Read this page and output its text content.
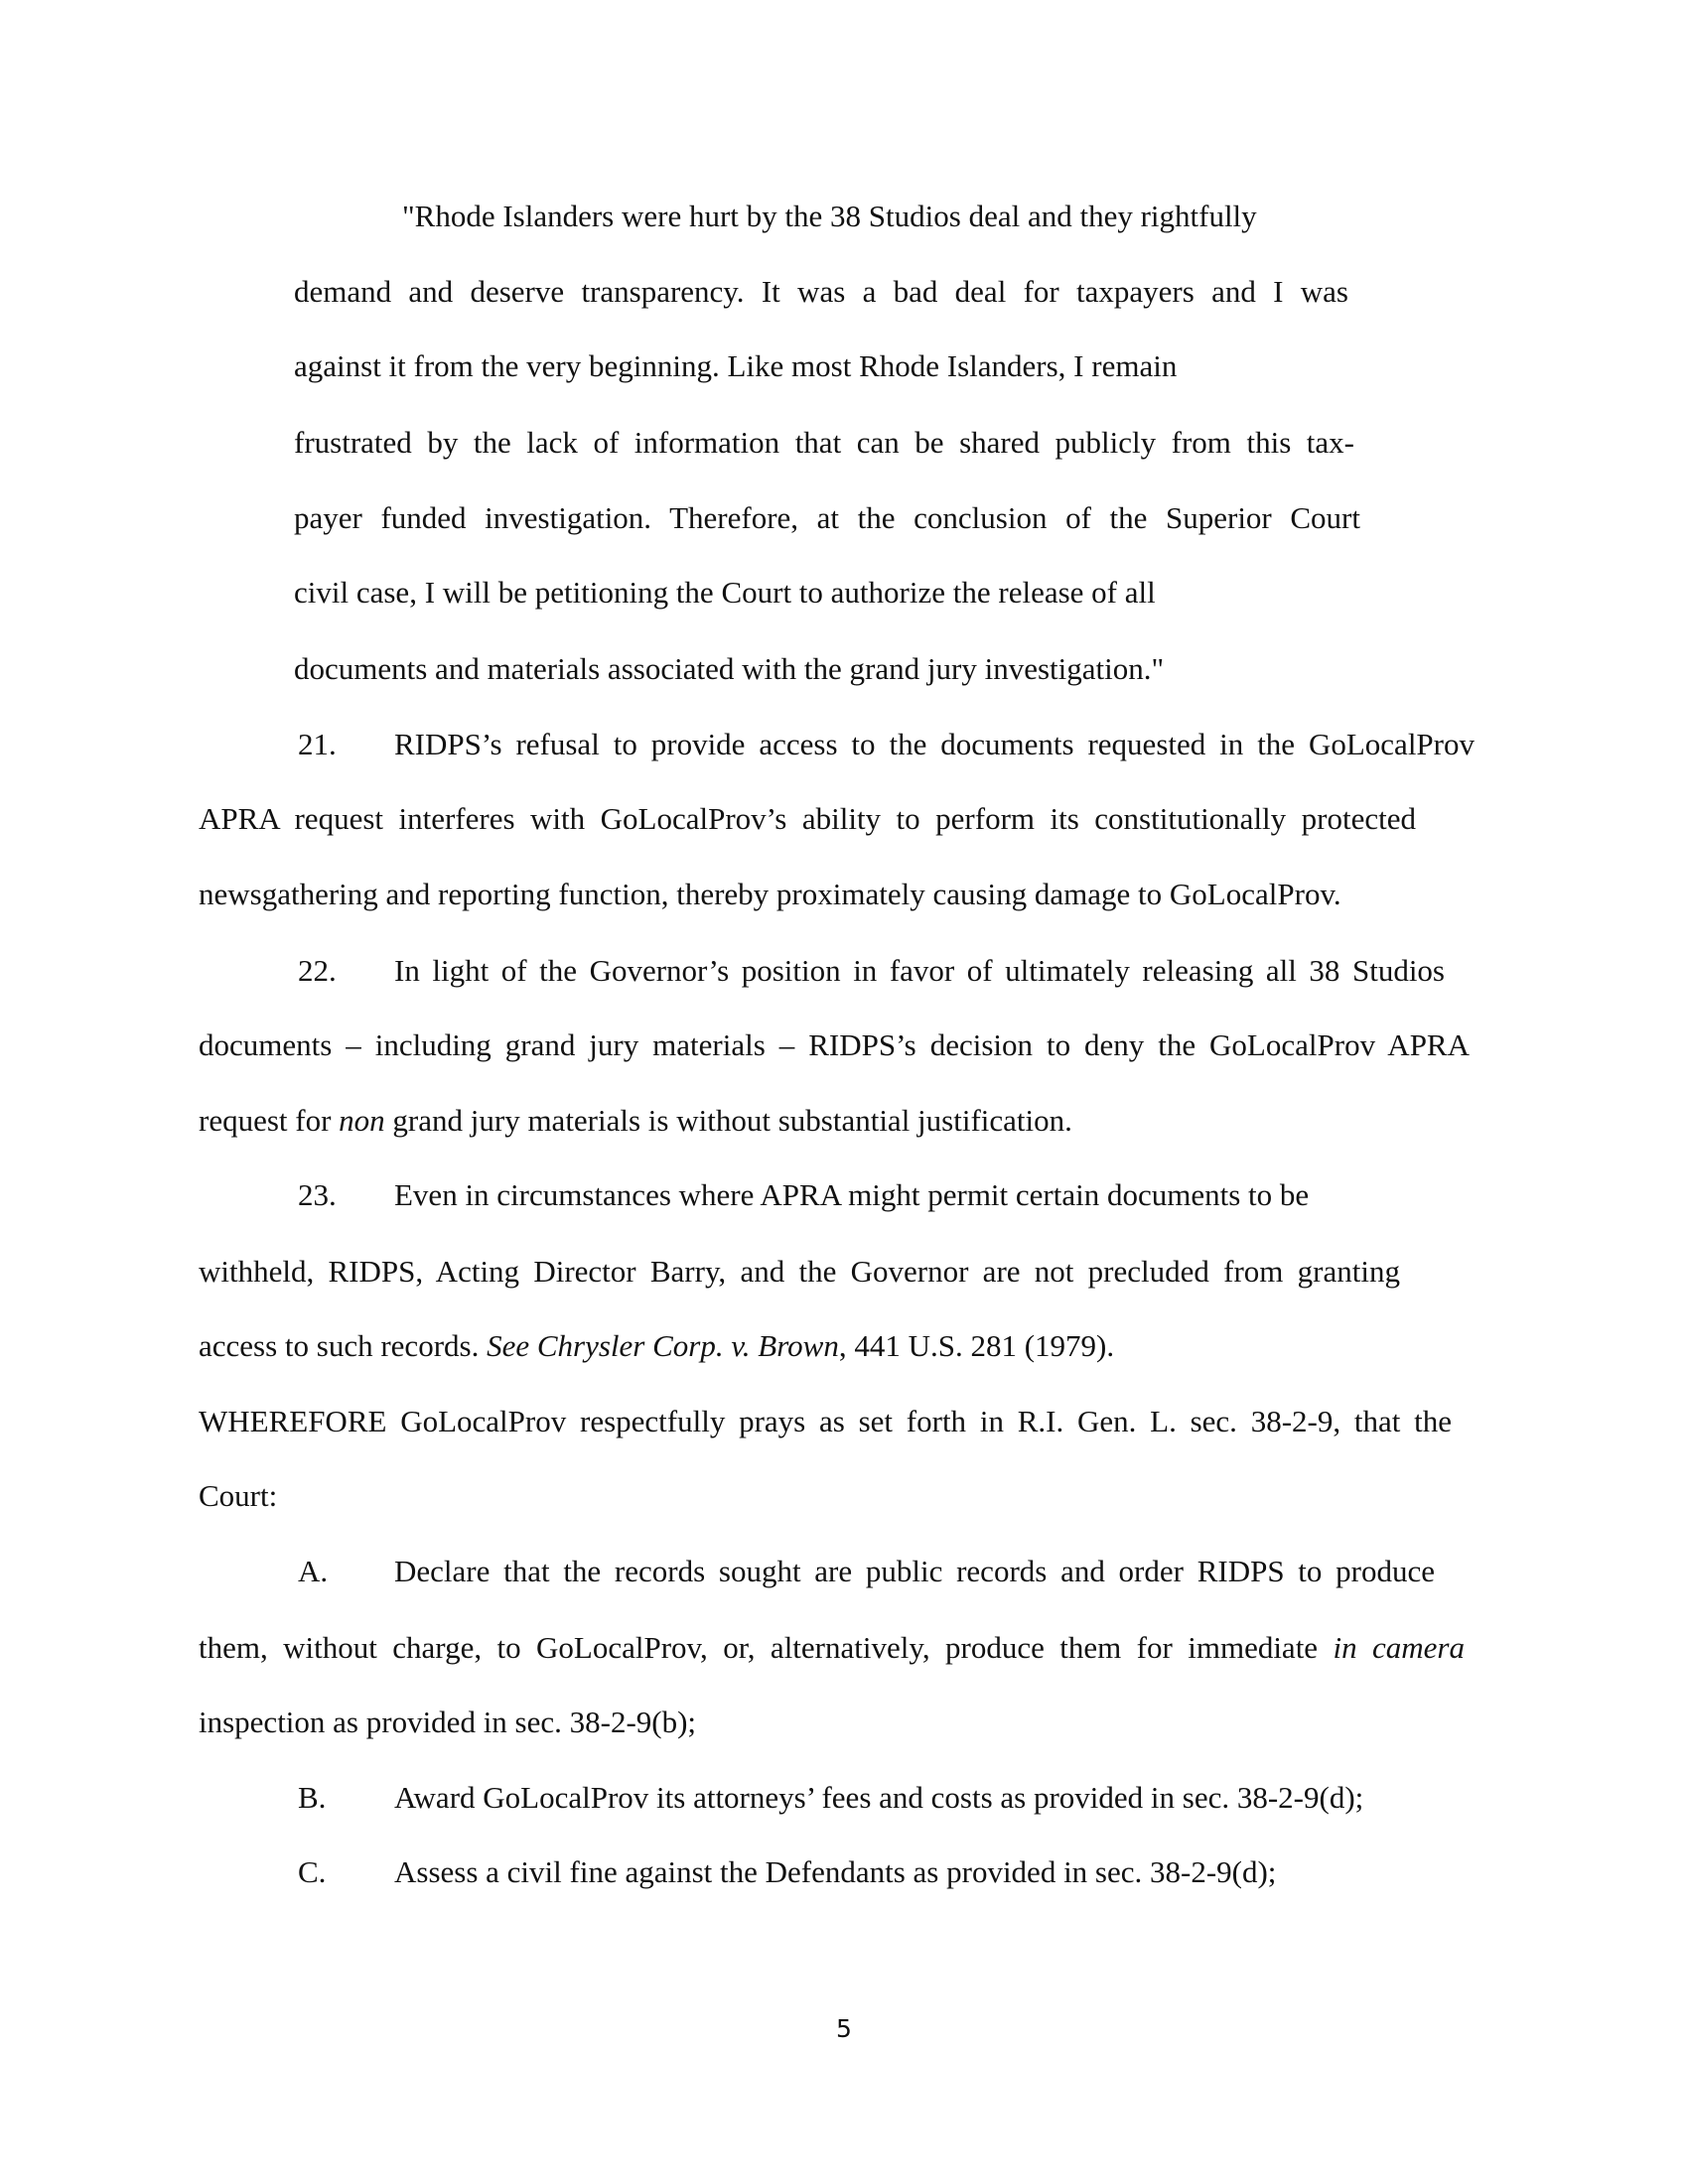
"Rhode Islanders were hurt by the 38 Studios deal and they rightfully
demand and deserve transparency. It was a bad deal for taxpayers and I was
against it from the very beginning. Like most Rhode Islanders, I remain
frustrated by the lack of information that can be shared publicly from this tax-
payer funded investigation. Therefore, at the conclusion of the Superior Court
civil case, I will be petitioning the Court to authorize the release of all
documents and materials associated with the grand jury investigation."
21. RIDPS’s refusal to provide access to the documents requested in the GoLocalProv
APRA request interferes with GoLocalProv’s ability to perform its constitutionally protected
newsgathering and reporting function, thereby proximately causing damage to GoLocalProv.
22. In light of the Governor’s position in favor of ultimately releasing all 38 Studios
documents – including grand jury materials – RIDPS’s decision to deny the GoLocalProv APRA
request for non grand jury materials is without substantial justification.
23. Even in circumstances where APRA might permit certain documents to be
withheld, RIDPS, Acting Director Barry, and the Governor are not precluded from granting
access to such records. See Chrysler Corp. v. Brown, 441 U.S. 281 (1979).
WHEREFORE GoLocalProv respectfully prays as set forth in R.I. Gen. L. sec. 38-2-9, that the
Court:
A. Declare that the records sought are public records and order RIDPS to produce
them, without charge, to GoLocalProv, or, alternatively, produce them for immediate in camera
inspection as provided in sec. 38-2-9(b);
B. Award GoLocalProv its attorneys’ fees and costs as provided in sec. 38-2-9(d);
C. Assess a civil fine against the Defendants as provided in sec. 38-2-9(d);
5
